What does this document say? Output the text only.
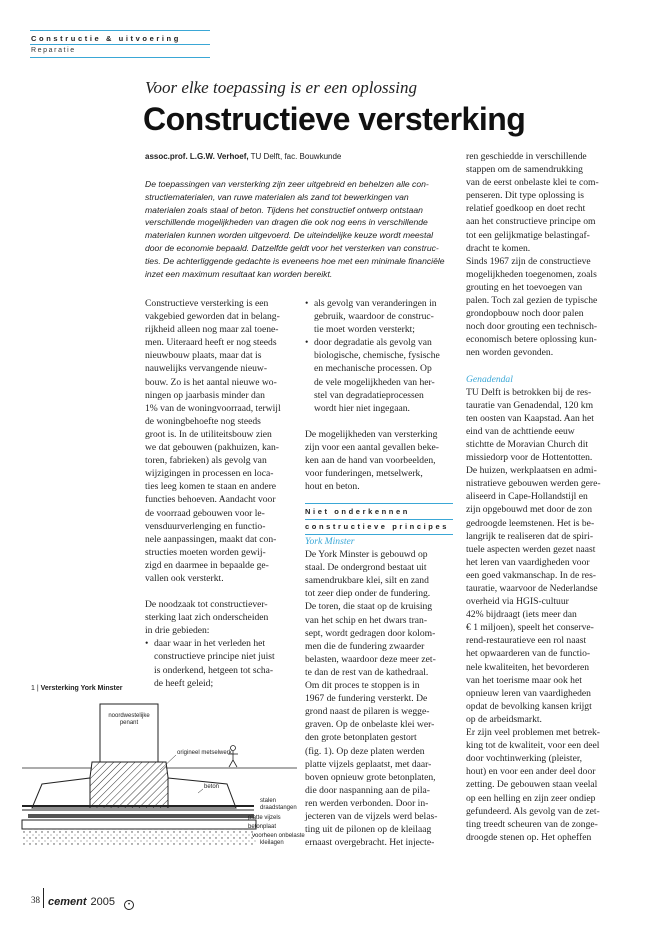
Constructie & uitvoering
Reparatie
Voor elke toepassing is er een oplossing
Constructieve versterking
assoc.prof. L.G.W. Verhoef, TU Delft, fac. Bouwkunde
De toepassingen van versterking zijn zeer uitgebreid en behelzen alle con-
structiematerialen, van ruwe materialen als zand tot bewerkingen van
materialen zoals staal of beton. Tijdens het constructief ontwerp ontstaan
verschillende mogelijkheden van dragen die ook nog eens in verschillende
materialen kunnen worden uitgevoerd. De uiteindelijke keuze wordt meestal
door de economie bepaald. Datzelfde geldt voor het versterken van construc-
ties. De achterliggende gedachte is eveneens hoe met een minimale financiële
inzet een maximum resultaat kan worden bereikt.
Constructieve versterking is een
vakgebied geworden dat in belang-
rijkheid alleen nog maar zal toene-
men. Uiteraard heeft er nog steeds
nieuwbouw plaats, maar dat is
nauwelijks vervangende nieuw-
bouw. Zo is het aantal nieuwe wo-
ningen op jaarbasis minder dan
1% van de woningvoorraad, terwijl
de woningbehoefte nog steeds
groot is. In de utiliteitsbouw zien
we dat gebouwen (pakhuizen, kan-
toren, fabrieken) als gevolg van
wijzigingen in processen en loca-
ties leeg komen te staan en andere
functies behoeven. Aandacht voor
de voorraad gebouwen voor le-
vensduurverlenging en functio-
nele aanpassingen, maakt dat con-
structies moeten worden gewij-
zigd en daarmee in bepaalde ge-
vallen ook versterkt.
De noodzaak tot constructiever-
sterking laat zich onderscheiden
in drie gebieden:
• daar waar in het verleden het
constructieve principe niet juist
is onderkend, hetgeen tot scha-
de heeft geleid;
• als gevolg van veranderingen in
gebruik, waardoor de construc-
tie moet worden versterkt;
• door degradatie als gevolg van
biologische, chemische, fysische
en mechanische processen. Op
de vele mogelijkheden van her-
stel van degradatieprocessen
wordt hier niet ingegaan.
De mogelijkheden van versterking
zijn voor een aantal gevallen beke-
ken aan de hand van voorbeelden,
voor funderingen, metselwerk,
hout en beton.
Niet onderkennen
constructieve principes
York Minster
De York Minster is gebouwd op
staal. De ondergrond bestaat uit
samendrukbare klei, silt en zand
tot zeer diep onder de fundering.
De toren, die staat op de kruising
van het schip en het dwars tran-
sept, wordt gedragen door kolom-
men die de fundering zwaarder
belasten, waardoor deze meer zet-
te dan de rest van de kathedraal.
Om dit proces te stoppen is in
1967 de fundering versterkt. De
grond naast de pilaren is wegge-
graven. Op de onbelaste klei wer-
den grote betonplaten gestort
(fig. 1). Op deze platen werden
platte vijzels geplaatst, met daar-
boven opnieuw grote betonplaten,
die door naspanning aan de pila-
ren werden verbonden. Door in-
jecteren van de vijzels werd belas-
ting uit de pilonen op de kleilaag
ernaast overgebracht. Het injecte-
ren geschiedde in verschillende
stappen om de samendrukking
van de eerst onbelaste klei te com-
penseren. Dit type oplossing is
relatief goedkoop en doet recht
aan het constructieve principe om
tot een gelijkmatige belastingaf-
dracht te komen.
Sinds 1967 zijn de constructieve
mogelijkheden toegenomen, zoals
grouting en het toevoegen van
palen. Toch zal gezien de typische
grondopbouw noch door palen
noch door grouting een technisch-
economisch betere oplossing kun-
nen worden gevonden.
Genadendal
TU Delft is betrokken bij de res-
tauratie van Genadendal, 120 km
ten oosten van Kaapstad. Aan het
eind van de achttiende eeuw
stichtte de Moravian Church dit
missiedorp voor de Hottentotten.
De huizen, werkplaatsen en admi-
nistratieve gebouwen werden gere-
aliseerd in Cape-Hollandstijl en
zijn opgebouwd met door de zon
gedroogde leemstenen. Het is be-
langrijk te realiseren dat de spiri-
tuele aspecten werden gezet naast
het leren van vaardigheden voor
een goed vakmanschap. In de res-
tauratie, waarvoor de Nederlandse
overheid via HGIS-cultuur
42% bijdraagt (iets meer dan
€ 1 miljoen), speelt het conserve-
rend-restauratieve een rol naast
het opwaarderen van de functio-
nele kwaliteiten, het bevorderen
van het toerisme maar ook het
opnieuw leren van vaardigheden
opdat de bevolking kansen krijgt
op de arbeidsmarkt.
Er zijn veel problemen met betrek-
king tot de kwaliteit, voor een deel
door vochtinwerking (pleister,
hout) en voor een ander deel door
zetting. De gebouwen staan veelal
op een helling en zijn zeer ondiep
gefundeerd. Als gevolg van de zet-
ting treedt scheuren van de zonge-
droogde stenen op. Het opheffen
1 | Versterking York Minster
noordwestelijke
penant
origineel metselwerk
beton
stalen
draadstangen
platte vijzels
betonplaat
voorheen onbelaste
kleilagen
38 cement 2005 •
